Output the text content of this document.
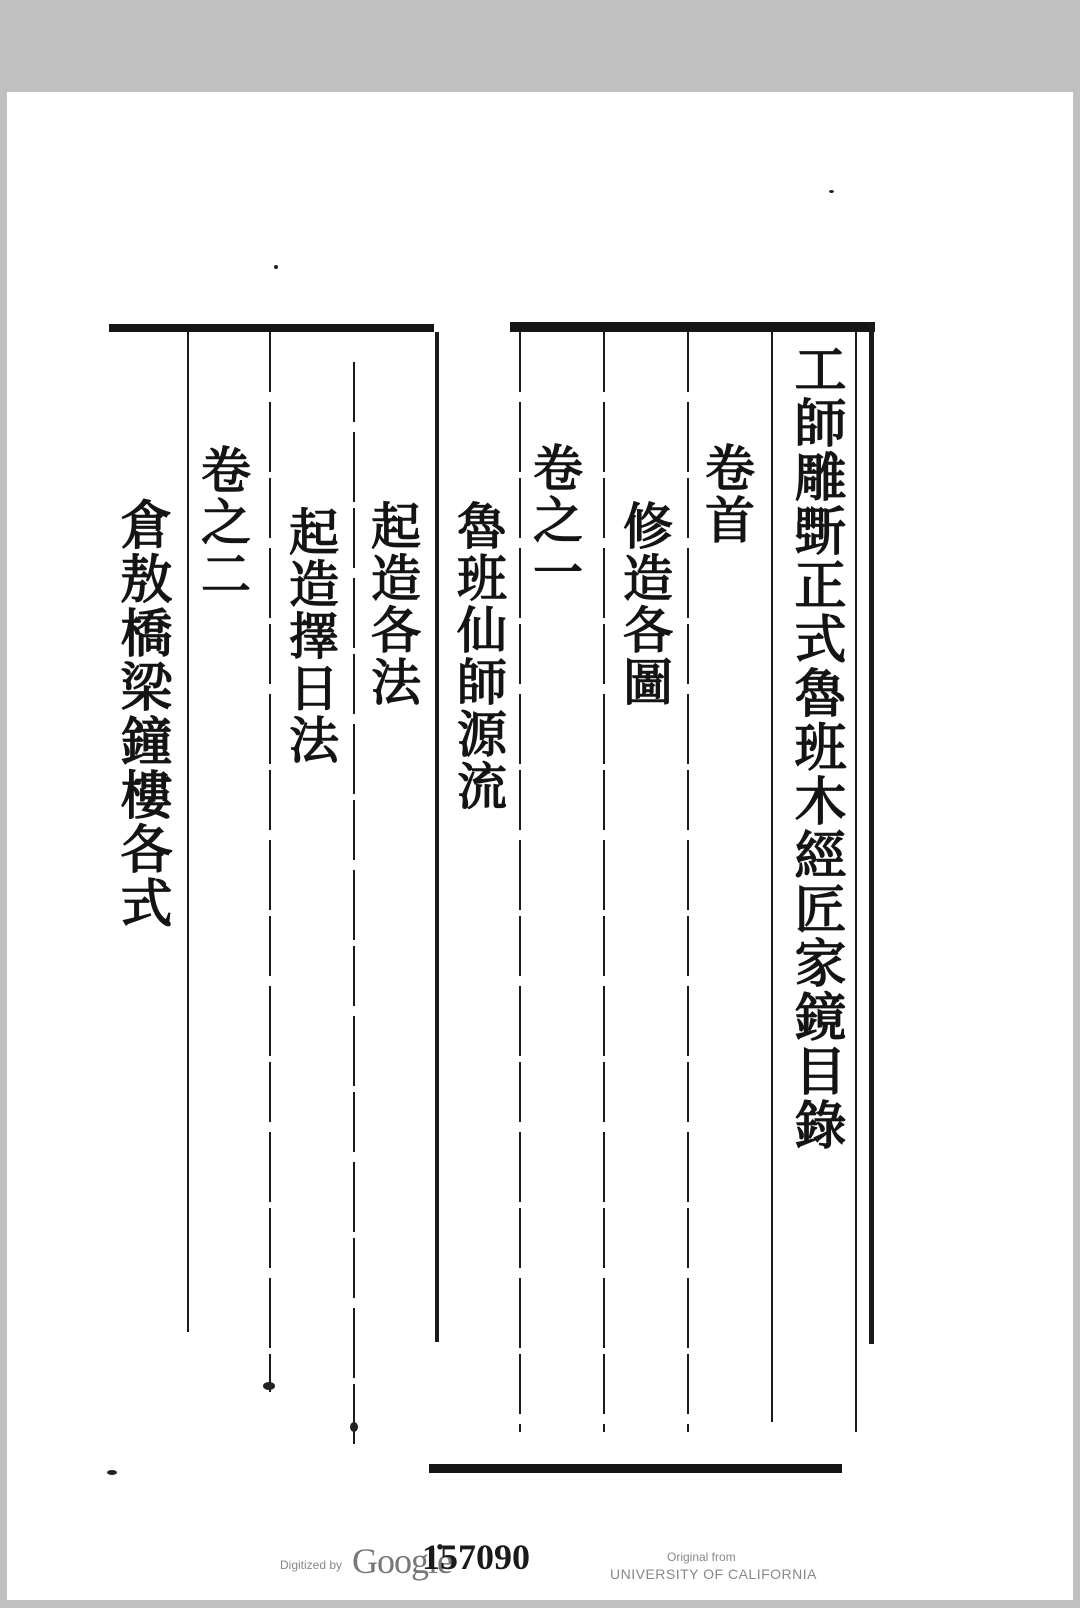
工師雕斲正式魯班木經匠家鏡目錄
卷首
修造各圖
卷之一
魯班仙師源流
起造各法
起造擇日法
卷之二
倉敖橋梁鐘樓各式
Digitized by Google
1̇57090	Original from
UNIVERSITY OF CALIFORNIA
